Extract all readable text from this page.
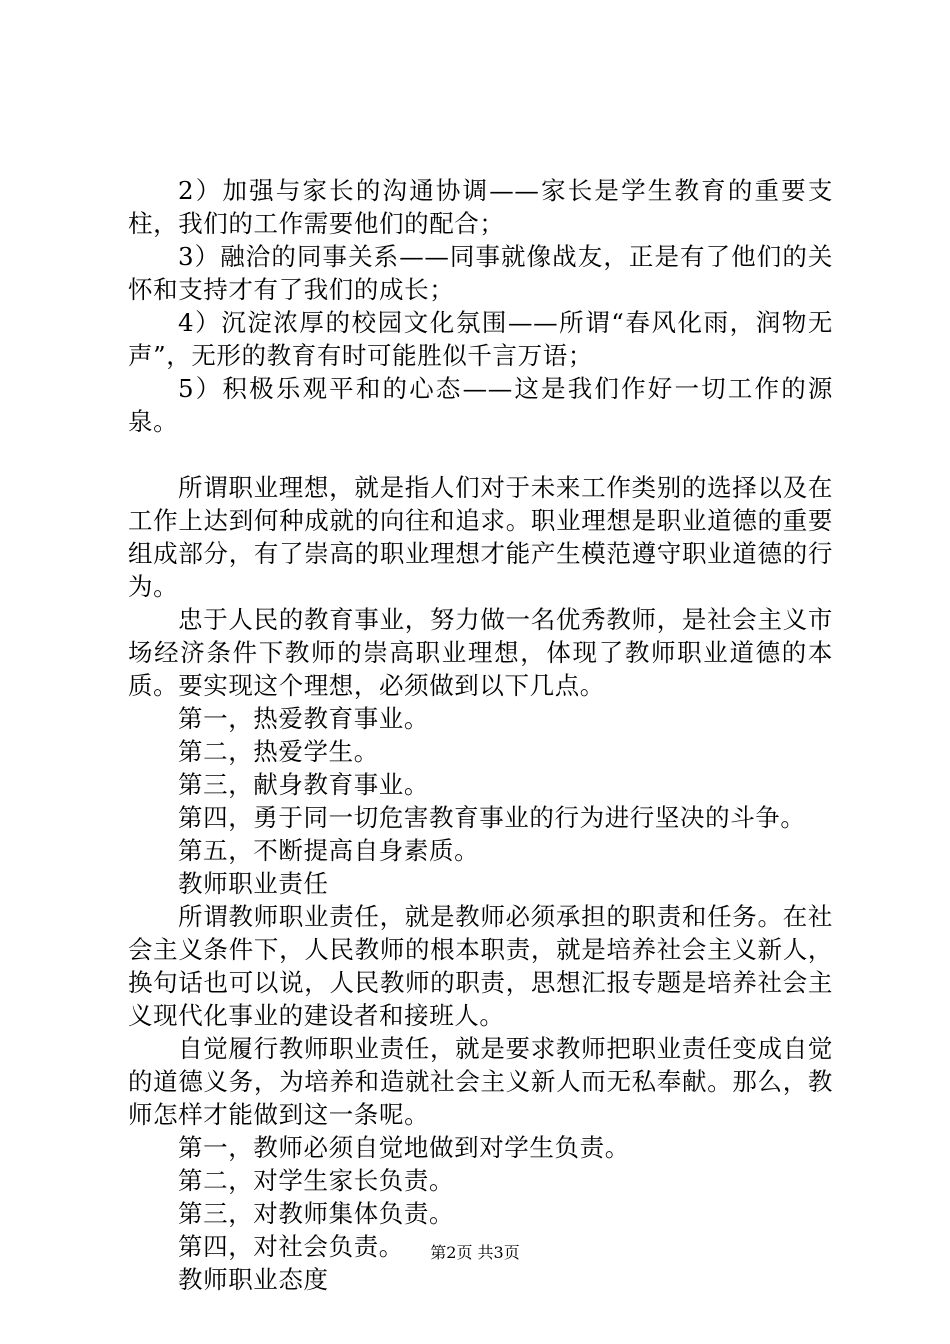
2）加强与家长的沟通协调——家长是学生教育的重要支柱，我们的工作需要他们的配合；

3）融洽的同事关系——同事就像战友，正是有了他们的关怀和支持才有了我们的成长；

4）沉淀浓厚的校园文化氛围——所谓“春风化雨，润物无声”，无形的教育有时可能胜似千言万语；

5）积极乐观平和的心态——这是我们作好一切工作的源泉。

所谓职业理想，就是指人们对于未来工作类别的选择以及在工作上达到何种成就的向往和追求。职业理想是职业道德的重要组成部分，有了崇高的职业理想才能产生模范遵守职业道德的行为。

忠于人民的教育事业，努力做一名优秀教师，是社会主义市场经济条件下教师的崇高职业理想，体现了教师职业道德的本质。要实现这个理想，必须做到以下几点。

第一，热爱教育事业。

第二，热爱学生。

第三，献身教育事业。

第四，勇于同一切危害教育事业的行为进行坚决的斗争。

第五，不断提高自身素质。

教师职业责任

所谓教师职业责任，就是教师必须承担的职责和任务。在社会主义条件下，人民教师的根本职责，就是培养社会主义新人，换句话也可以说，人民教师的职责，思想汇报专题是培养社会主义现代化事业的建设者和接班人。

自觉履行教师职业责任，就是要求教师把职业责任变成自觉的道德义务，为培养和造就社会主义新人而无私奉献。那么，教师怎样才能做到这一条呢。

第一，教师必须自觉地做到对学生负责。

第二，对学生家长负责。

第三，对教师集体负责。

第四，对社会负责。

教师职业态度

第2页 共3页
